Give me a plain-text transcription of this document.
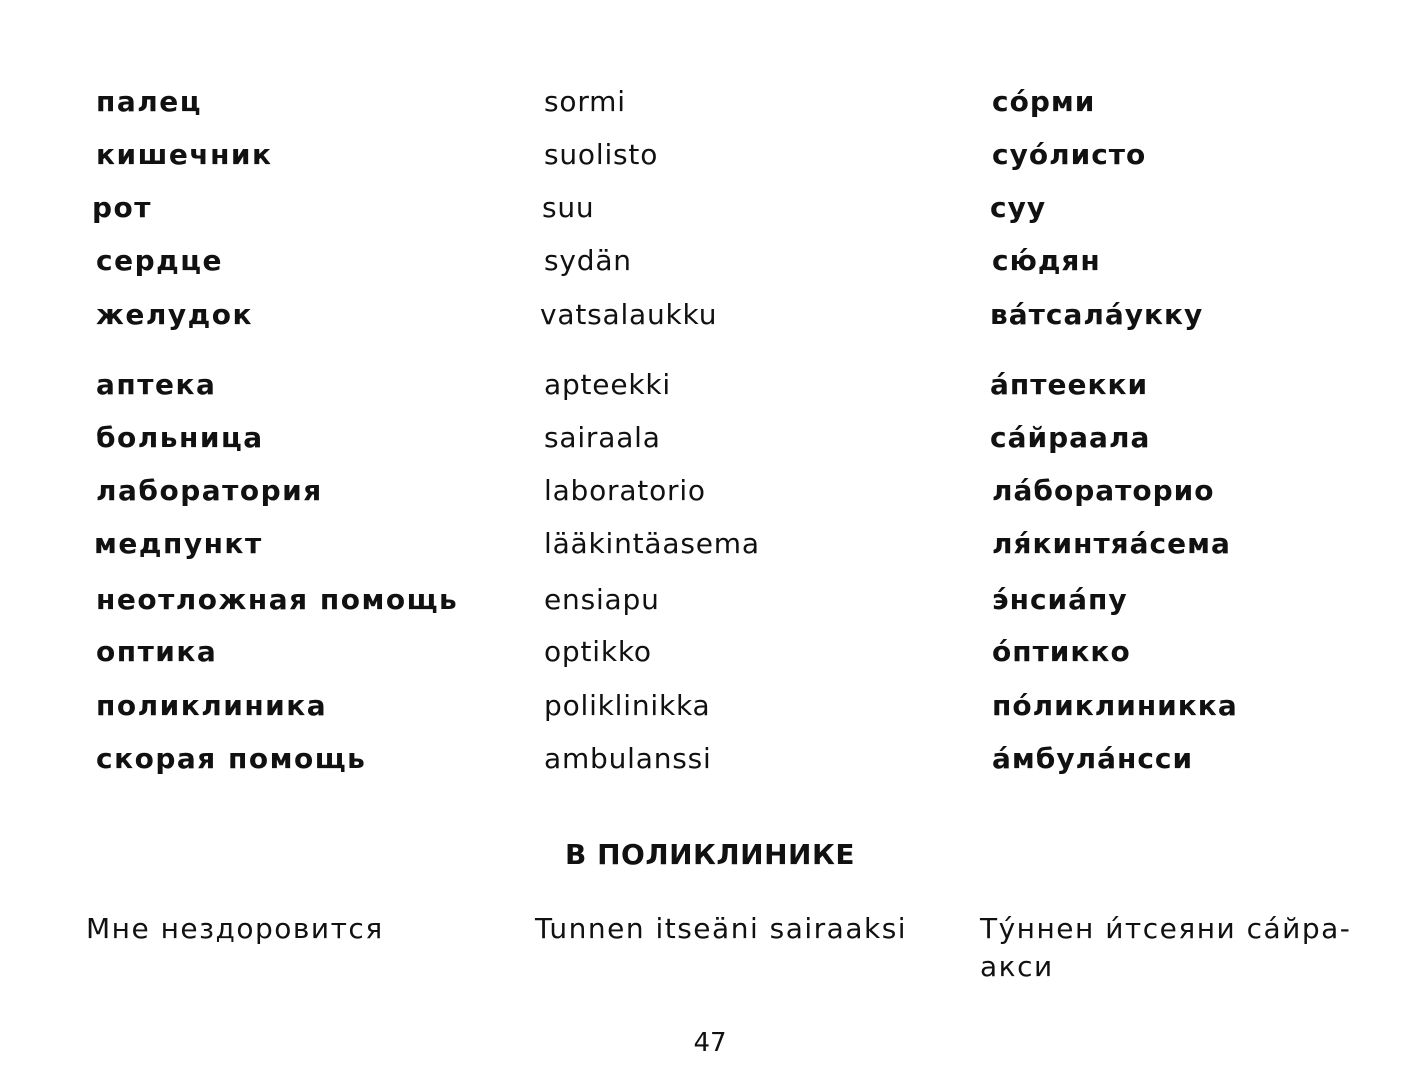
палец	sormi	со́рми
кишечник	suolisto	суо́листо
рот	suu	суу
сердце	sydän	сю́дян
желудок	vatsalaukku	ва́тсала́укку
аптека	apteekki	а́птеекки
больница	sairaala	са́йраала
лаборатория	laboratorio	ла́бораторио
медпункт	lääkintäasema	ля́кинтяа́сема
неотложная помощь	ensiapu	э́нсиа́пу
оптика	optikko	о́птикко
поликлиника	poliklinikka	по́ликлиникка
скорая помощь	ambulanssi	а́мбула́нсси
В ПОЛИКЛИНИКЕ
Мне нездоровится	Tunnen itseäni sairaaksi	Ту́ннен и́тсеяни са́йра-
акси
47
